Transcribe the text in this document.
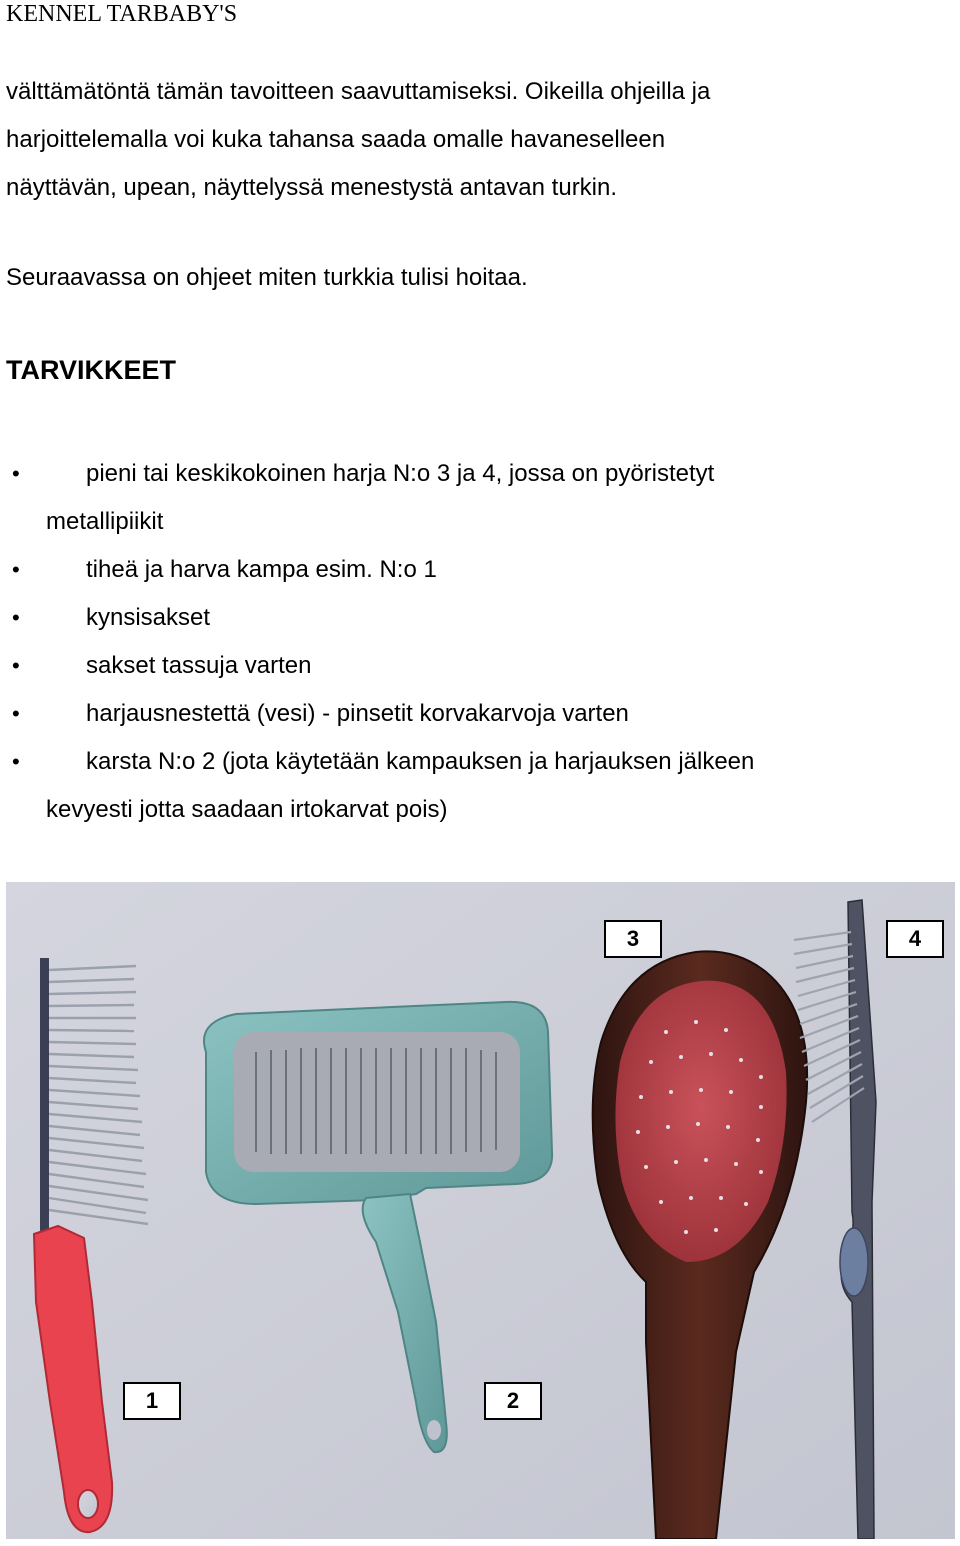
KENNEL TARBABY'S
välttämätöntä tämän tavoitteen saavuttamiseksi. Oikeilla ohjeilla ja
harjoittelemalla voi kuka tahansa saada omalle havaneselleen
näyttävän, upean, näyttelyssä menestystä antavan turkin.
Seuraavassa on ohjeet miten turkkia tulisi hoitaa.
TARVIKKEET
•	pieni tai keskikokoinen harja N:o 3 ja 4, jossa on pyöristetyt
metallipiikit
•	tiheä ja harva kampa esim. N:o 1
•	kynsisakset
•	sakset tassuja varten
•	harjausnestettä (vesi) - pinsetit korvakarvoja varten
•	karsta N:o 2 (jota käytetään kampauksen ja harjauksen jälkeen
kevyesti jotta saadaan irtokarvat pois)
3	4
1	2
